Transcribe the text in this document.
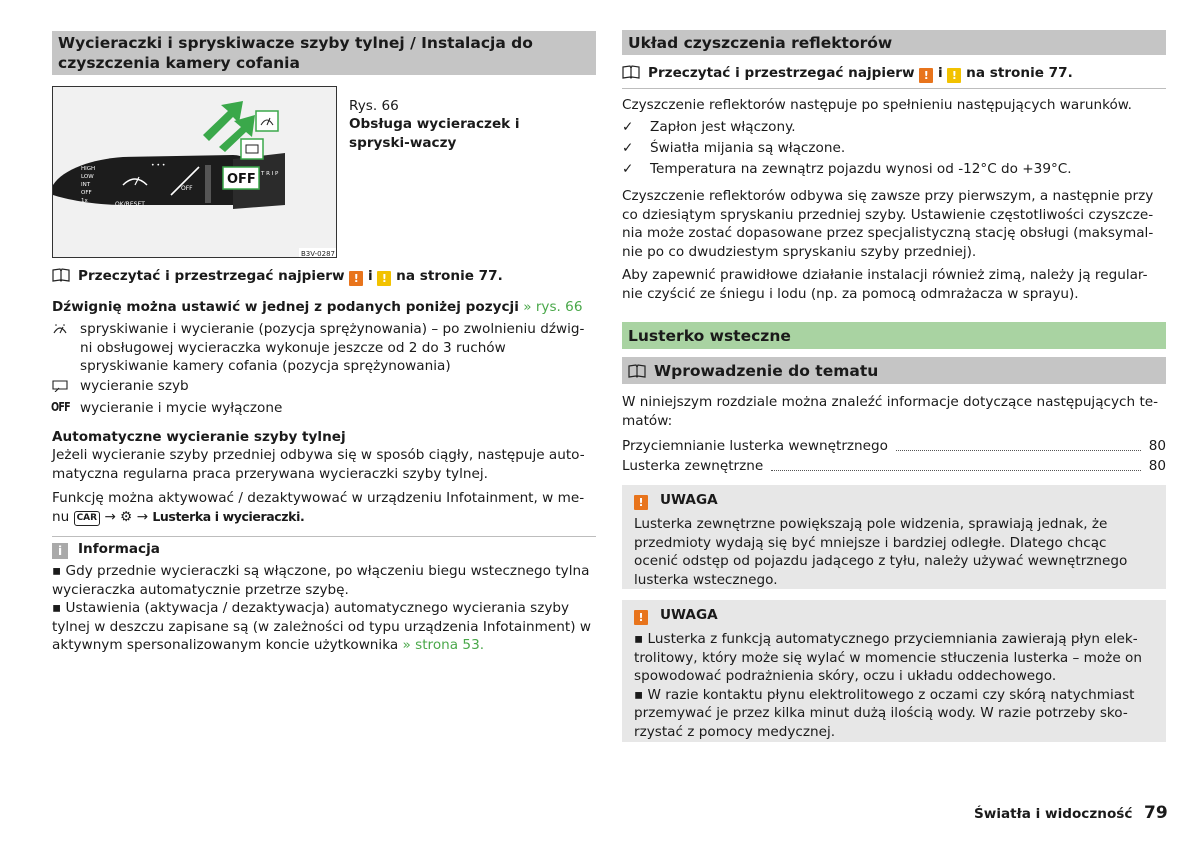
Wycieraczki i spryskiwacze szyby tylnej / Instalacja do czyszczenia kamery cofania
HIGH
LOW
INT
OFF
1x	OK/RESET
OFF
T R I P
• • •
OFF
B3V-0287
Rys. 66
Obsługa wycieraczek i spryski-waczy
Przeczytać i przestrzegać najpierw ! i ! na stronie 77.
Dźwignię można ustawić w jednej z podanych poniżej pozycji » rys. 66
spryskiwanie i wycieranie (pozycja sprężynowania) – po zwolnieniu dźwig-ni obsługowej wycieraczka wykonuje jeszcze od 2 do 3 ruchów spryskiwanie kamery cofania (pozycja sprężynowania)
wycieranie szyb
OFF wycieranie i mycie wyłączone
Automatyczne wycieranie szyby tylnej
Jeżeli wycieranie szyby przedniej odbywa się w sposób ciągły, następuje auto-matyczna regularna praca przerywana wycieraczki szyby tylnej.
Funkcję można aktywować / dezaktywować w urządzeniu Infotainment, w me-
nu CAR → ⚙ → Lusterka i wycieraczki.
i Informacja
▪ Gdy przednie wycieraczki są włączone, po włączeniu biegu wstecznego tylna wycieraczka automatycznie przetrze szybę.
▪ Ustawienia (aktywacja / dezaktywacja) automatycznego wycierania szyby tylnej w deszczu zapisane są (w zależności od typu urządzenia Infotainment) w aktywnym spersonalizowanym koncie użytkownika » strona 53.
Układ czyszczenia reflektorów
Przeczytać i przestrzegać najpierw ! i ! na stronie 77.
Czyszczenie reflektorów następuje po spełnieniu następujących warunków.
✓ Zapłon jest włączony.
✓ Światła mijania są włączone.
✓ Temperatura na zewnątrz pojazdu wynosi od -12°C do +39°C.
Czyszczenie reflektorów odbywa się zawsze przy pierwszym, a następnie przy co dziesiątym spryskaniu przedniej szyby. Ustawienie częstotliwości czyszcze-nia może zostać dopasowane przez specjalistyczną stację obsługi (maksymal-nie po co dwudziestym spryskaniu szyby przedniej).
Aby zapewnić prawidłowe działanie instalacji również zimą, należy ją regular-nie czyścić ze śniegu i lodu (np. za pomocą odmrażacza w sprayu).
Lusterko wsteczne
Wprowadzenie do tematu
W niniejszym rozdziale można znaleźć informacje dotyczące następujących te-matów:
Przyciemnianie lusterka wewnętrznego	80
Lusterka zewnętrzne	80
! UWAGA
Lusterka zewnętrzne powiększają pole widzenia, sprawiają jednak, że przedmioty wydają się być mniejsze i bardziej odległe. Dlatego chcąc ocenić odstęp od pojazdu jadącego z tyłu, należy używać wewnętrznego lusterka wstecznego.
! UWAGA
▪ Lusterka z funkcją automatycznego przyciemniania zawierają płyn elek-trolitowy, który może się wylać w momencie stłuczenia lusterka – może on spowodować podrażnienia skóry, oczu i układu oddechowego.
▪ W razie kontaktu płynu elektrolitowego z oczami czy skórą natychmiast przemywać je przez kilka minut dużą ilością wody. W razie potrzeby sko-rzystać z pomocy medycznej.
Światła i widoczność 79
